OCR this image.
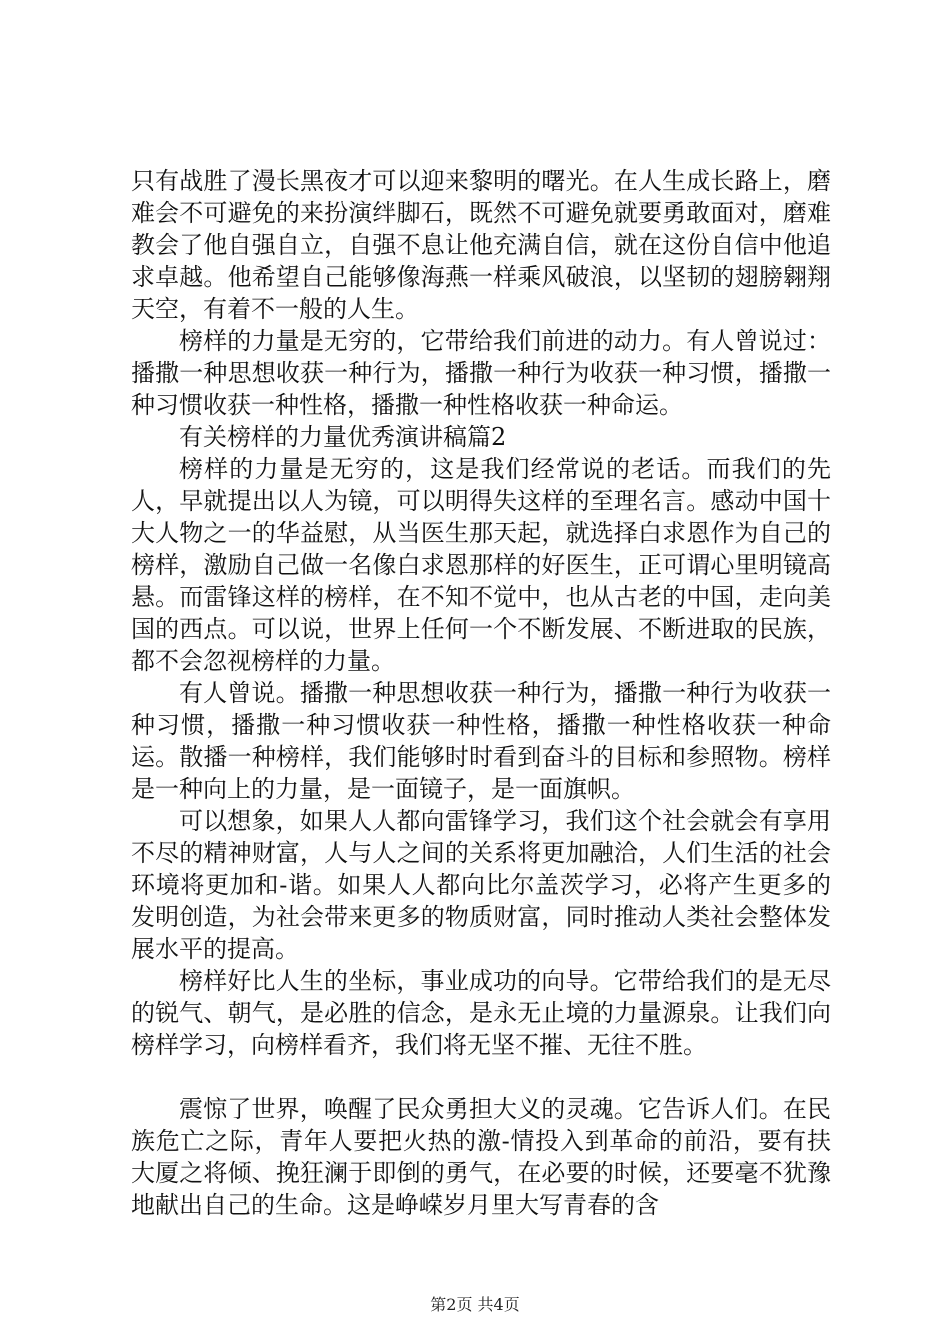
只有战胜了漫长黑夜才可以迎来黎明的曙光。在人生成长路上，磨难会不可避免的来扮演绊脚石，既然不可避免就要勇敢面对，磨难教会了他自强自立，自强不息让他充满自信，就在这份自信中他追求卓越。他希望自己能够像海燕一样乘风破浪，以坚韧的翅膀翱翔天空，有着不一般的人生。

榜样的力量是无穷的，它带给我们前进的动力。有人曾说过：播撒一种思想收获一种行为，播撒一种行为收获一种习惯，播撒一种习惯收获一种性格，播撒一种性格收获一种命运。

有关榜样的力量优秀演讲稿篇2

榜样的力量是无穷的，这是我们经常说的老话。而我们的先人，早就提出以人为镜，可以明得失这样的至理名言。感动中国十大人物之一的华益慰，从当医生那天起，就选择白求恩作为自己的榜样，激励自己做一名像白求恩那样的好医生，正可谓心里明镜高悬。而雷锋这样的榜样，在不知不觉中，也从古老的中国，走向美国的西点。可以说，世界上任何一个不断发展、不断进取的民族，都不会忽视榜样的力量。

有人曾说。播撒一种思想收获一种行为，播撒一种行为收获一种习惯，播撒一种习惯收获一种性格，播撒一种性格收获一种命运。散播一种榜样，我们能够时时看到奋斗的目标和参照物。榜样是一种向上的力量，是一面镜子，是一面旗帜。

可以想象，如果人人都向雷锋学习，我们这个社会就会有享用不尽的精神财富，人与人之间的关系将更加融洽，人们生活的社会环境将更加和-谐。如果人人都向比尔盖茨学习，必将产生更多的发明创造，为社会带来更多的物质财富，同时推动人类社会整体发展水平的提高。

榜样好比人生的坐标，事业成功的向导。它带给我们的是无尽的锐气、朝气，是必胜的信念，是永无止境的力量源泉。让我们向榜样学习，向榜样看齐，我们将无坚不摧、无往不胜。

震惊了世界，唤醒了民众勇担大义的灵魂。它告诉人们。在民族危亡之际，青年人要把火热的激-情投入到革命的前沿，要有扶大厦之将倾、挽狂澜于即倒的勇气，在必要的时候，还要毫不犹豫地献出自己的生命。这是峥嵘岁月里大写青春的含

第2页 共4页
